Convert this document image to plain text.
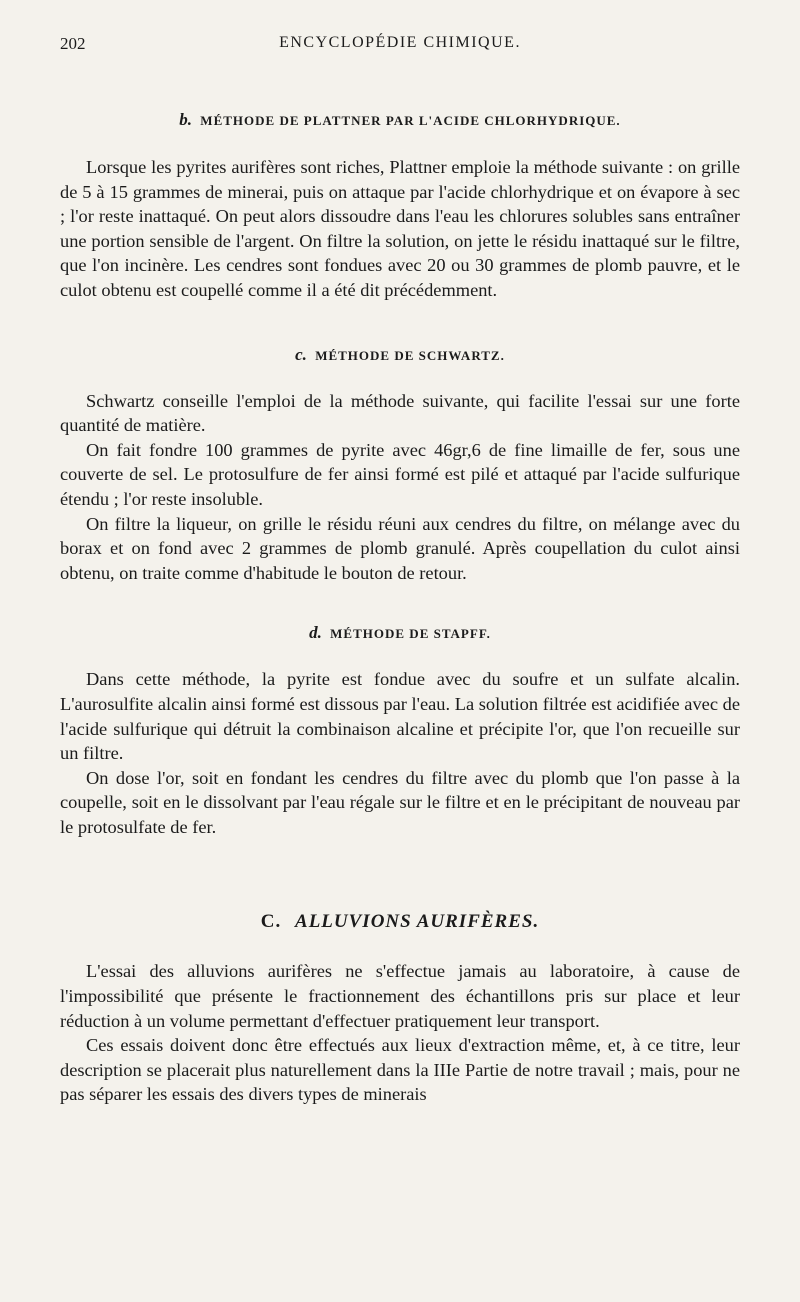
202	ENCYCLOPÉDIE CHIMIQUE.
b. MÉTHODE DE PLATTNER PAR L'ACIDE CHLORHYDRIQUE.

Lorsque les pyrites aurifères sont riches, Plattner emploie la méthode suivante : on grille de 5 à 15 grammes de minerai, puis on attaque par l'acide chlorhydrique et on évapore à sec ; l'or reste inattaqué. On peut alors dissoudre dans l'eau les chlorures solubles sans entraîner une portion sensible de l'argent. On filtre la solution, on jette le résidu inattaqué sur le filtre, que l'on incinère. Les cendres sont fondues avec 20 ou 30 grammes de plomb pauvre, et le culot obtenu est coupellé comme il a été dit précédemment.

c. MÉTHODE DE SCHWARTZ.

Schwartz conseille l'emploi de la méthode suivante, qui facilite l'essai sur une forte quantité de matière.

On fait fondre 100 grammes de pyrite avec 46gr,6 de fine limaille de fer, sous une couverte de sel. Le protosulfure de fer ainsi formé est pilé et attaqué par l'acide sulfurique étendu ; l'or reste insoluble.

On filtre la liqueur, on grille le résidu réuni aux cendres du filtre, on mélange avec du borax et on fond avec 2 grammes de plomb granulé. Après coupellation du culot ainsi obtenu, on traite comme d'habitude le bouton de retour.

d. MÉTHODE DE STAPFF.

Dans cette méthode, la pyrite est fondue avec du soufre et un sulfate alcalin. L'aurosulfite alcalin ainsi formé est dissous par l'eau. La solution filtrée est acidifiée avec de l'acide sulfurique qui détruit la combinaison alcaline et précipite l'or, que l'on recueille sur un filtre.

On dose l'or, soit en fondant les cendres du filtre avec du plomb que l'on passe à la coupelle, soit en le dissolvant par l'eau régale sur le filtre et en le précipitant de nouveau par le protosulfate de fer.

C. ALLUVIONS AURIFÈRES.

L'essai des alluvions aurifères ne s'effectue jamais au laboratoire, à cause de l'impossibilité que présente le fractionnement des échantillons pris sur place et leur réduction à un volume permettant d'effectuer pratiquement leur transport.

Ces essais doivent donc être effectués aux lieux d'extraction même, et, à ce titre, leur description se placerait plus naturellement dans la IIIe Partie de notre travail ; mais, pour ne pas séparer les essais des divers types de minerais
